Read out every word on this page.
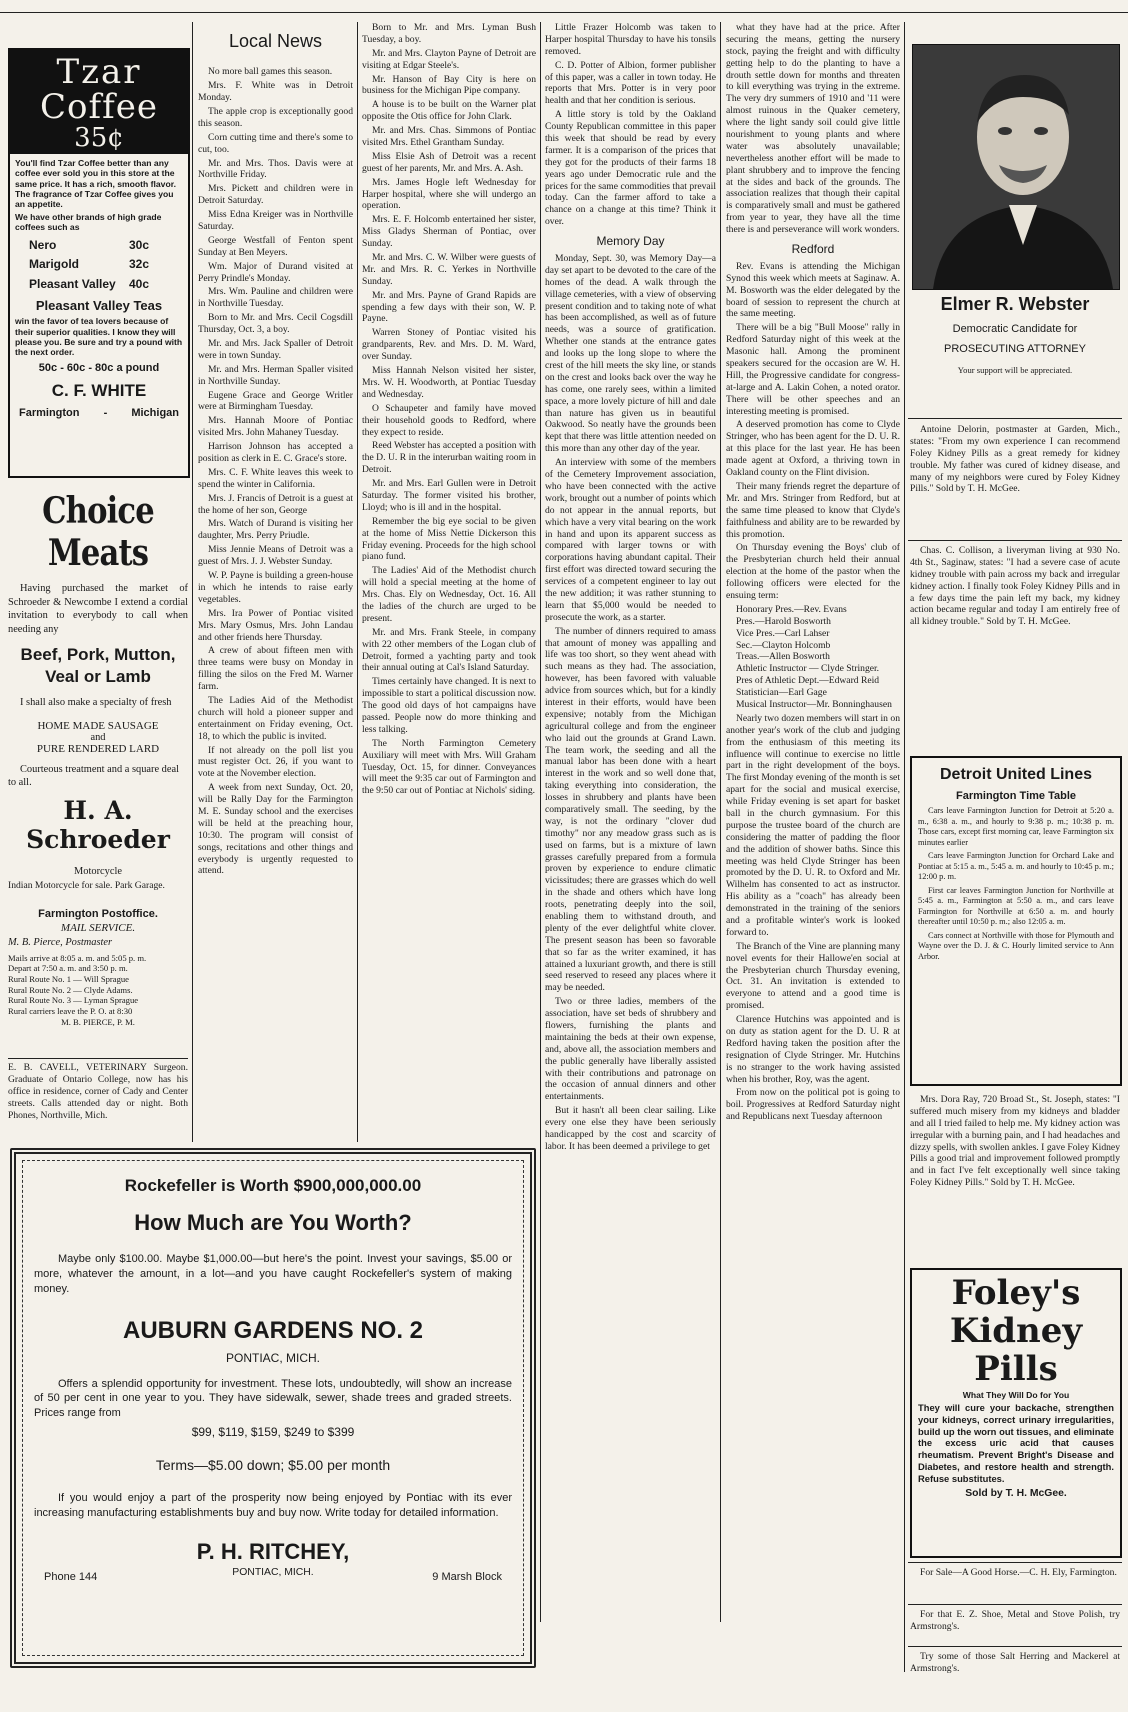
Tzar
Coffee
35¢
You'll find Tzar Coffee better than any coffee ever sold you in this store at the same price. It has a rich, smooth flavor. The fragrance of Tzar Coffee gives you an appetite.
We have other brands of high grade coffees such as
Nero	30c
Marigold	32c
Pleasant Valley	40c
Pleasant Valley Teas
win the favor of tea lovers because of their superior qualities. I know they will please you. Be sure and try a pound with the next order.
50c - 60c - 80c a pound
C. F. WHITE
Farmington - Michigan
Choice Meats
Having purchased the market of Schroeder & Newcombe I extend a cordial invitation to everybody to call when needing any
Beef, Pork, Mutton, Veal or Lamb
I shall also make a specialty of fresh
HOME MADE SAUSAGE
and
PURE RENDERED LARD
Courteous treatment and a square deal to all.
H. A. Schroeder
Motorcycle
Indian Motorcycle for sale. Park Garage.
Farmington Postoffice.
MAIL SERVICE.
M. B. Pierce, Postmaster
Mails arrive at 8:05 a. m. and 5:05 p. m.
Depart at 7:50 a. m. and 3:50 p. m.
Rural Route No. 1 — Will Sprague
Rural Route No. 2 — Clyde Adams.
Rural Route No. 3 — Lyman Sprague
Rural carriers leave the P. O. at 8:30
M. B. PIERCE, P. M.
E. B. CAVELL, VETERINARY Surgeon. Graduate of Ontario College, now has his office in residence, corner of Cady and Center streets. Calls attended day or night. Both Phones, Northville, Mich.
Local News

No more ball games this season.

Mrs. F. White was in Detroit Monday.

The apple crop is exceptionally good this season.

Corn cutting time and there's some to cut, too.

Mr. and Mrs. Thos. Davis were at Northville Friday.

Mrs. Pickett and children were in Detroit Saturday.

Miss Edna Kreiger was in Northville Saturday.

George Westfall of Fenton spent Sunday at Ben Meyers.

Wm. Major of Durand visited at Perry Prindle's Monday.

Mrs. Wm. Pauline and children were in Northville Tuesday.

Born to Mr. and Mrs. Cecil Cogsdill Thursday, Oct. 3, a boy.

Mr. and Mrs. Jack Spaller of Detroit were in town Sunday.

Mr. and Mrs. Herman Spaller visited in Northville Sunday.

Eugene Grace and George Writler were at Birmingham Tuesday.

Mrs. Hannah Moore of Pontiac visited Mrs. John Mahaney Tuesday.

Harrison Johnson has accepted a position as clerk in E. C. Grace's store.

Mrs. C. F. White leaves this week to spend the winter in California.

Mrs. J. Francis of Detroit is a guest at the home of her son, George

Mrs. Watch of Durand is visiting her daughter, Mrs. Perry Priudle.

Miss Jennie Means of Detroit was a guest of Mrs. J. J. Webster Sunday.

W. P. Payne is building a green-house in which he intends to raise early vegetables.

Mrs. Ira Power of Pontiac visited Mrs. Mary Osmus, Mrs. John Landau and other friends here Thursday.

A crew of about fifteen men with three teams were busy on Monday in filling the silos on the Fred M. Warner farm.

The Ladies Aid of the Methodist church will hold a pioneer supper and entertainment on Friday evening, Oct. 18, to which the public is invited.

If not already on the poll list you must register Oct. 26, if you want to vote at the November election.

A week from next Sunday, Oct. 20, will be Rally Day for the Farmington M. E. Sunday school and the exercises will be held at the preaching hour, 10:30. The program will consist of songs, recitations and other things and everybody is urgently requested to attend.

Born to Mr. and Mrs. Lyman Bush Tuesday, a boy.

Mr. and Mrs. Clayton Payne of Detroit are visiting at Edgar Steele's.

Mr. Hanson of Bay City is here on business for the Michigan Pipe company.

A house is to be built on the Warner plat opposite the Otis office for John Clark.

Mr. and Mrs. Chas. Simmons of Pontiac visited Mrs. Ethel Grantham Sunday.

Miss Elsie Ash of Detroit was a recent guest of her parents, Mr. and Mrs. A. Ash.

Mrs. James Hogle left Wednesday for Harper hospital, where she will undergo an operation.

Mrs. E. F. Holcomb entertained her sister, Miss Gladys Sherman of Pontiac, over Sunday.

Mr. and Mrs. C. W. Wilber were guests of Mr. and Mrs. R. C. Yerkes in Northville Sunday.

Mr. and Mrs. Payne of Grand Rapids are spending a few days with their son, W. P. Payne.

Warren Stoney of Pontiac visited his grandparents, Rev. and Mrs. D. M. Ward, over Sunday.

Miss Hannah Nelson visited her sister, Mrs. W. H. Woodworth, at Pontiac Tuesday and Wednesday.

O Schaupeter and family have moved their household goods to Redford, where they expect to reside.

Reed Webster has accepted a position with the D. U. R in the interurban waiting room in Detroit.

Mr. and Mrs. Earl Gullen were in Detroit Saturday. The former visited his brother, Lloyd; who is ill and in the hospital.

Remember the big eye social to be given at the home of Miss Nettie Dickerson this Friday evening. Proceeds for the high school piano fund.

The Ladies' Aid of the Methodist church will hold a special meeting at the home of Mrs. Chas. Ely on Wednesday, Oct. 16. All the ladies of the church are urged to be present.

Mr. and Mrs. Frank Steele, in company with 22 other members of the Logan club of Detroit, formed a yachting party and took their annual outing at Cal's Island Saturday.

Times certainly have changed. It is next to impossible to start a political discussion now. The good old days of hot campaigns have passed. People now do more thinking and less talking.

The North Farmington Cemetery Auxiliary will meet with Mrs. Will Graham Tuesday, Oct. 15, for dinner. Conveyances will meet the 9:35 car out of Farmington and the 9:50 car out of Pontiac at Nichols' siding.

Little Frazer Holcomb was taken to Harper hospital Thursday to have his tonsils removed.

C. D. Potter of Albion, former publisher of this paper, was a caller in town today. He reports that Mrs. Potter is in very poor health and that her condition is serious.

A little story is told by the Oakland County Republican committee in this paper this week that should be read by every farmer. It is a comparison of the prices that they got for the products of their farms 18 years ago under Democratic rule and the prices for the same commodities that prevail today. Can the farmer afford to take a chance on a change at this time? Think it over.

Memory Day

Monday, Sept. 30, was Memory Day—a day set apart to be devoted to the care of the homes of the dead. A walk through the village cemeteries, with a view of observing present condition and to taking note of what has been accomplished, as well as of future needs, was a source of gratification. Whether one stands at the entrance gates and looks up the long slope to where the crest of the hill meets the sky line, or stands on the crest and looks back over the way he has come, one rarely sees, within a limited space, a more lovely picture of hill and dale than nature has given us in beautiful Oakwood. So neatly have the grounds been kept that there was little attention needed on this more than any other day of the year.

An interview with some of the members of the Cemetery Improvement association, who have been connected with the active work, brought out a number of points which do not appear in the annual reports, but which have a very vital bearing on the work in hand and upon its apparent success as compared with larger towns or with corporations having abundant capital. Their first effort was directed toward securing the services of a competent engineer to lay out the new addition; it was rather stunning to learn that $5,000 would be needed to prosecute the work, as a starter.

The number of dinners required to amass that amount of money was appalling and life was too short, so they went ahead with such means as they had. The association, however, has been favored with valuable advice from sources which, but for a kindly interest in their efforts, would have been expensive; notably from the Michigan agricultural college and from the engineer who laid out the grounds at Grand Lawn. The team work, the seeding and all the manual labor has been done with a heart interest in the work and so well done that, taking everything into consideration, the losses in shrubbery and plants have been comparatively small. The seeding, by the way, is not the ordinary "clover dud timothy" nor any meadow grass such as is used on farms, but is a mixture of lawn grasses carefully prepared from a formula proven by experience to endure climatic vicissitudes; there are grasses which do well in the shade and others which have long roots, penetrating deeply into the soil, enabling them to withstand drouth, and plenty of the ever delightful white clover. The present season has been so favorable that so far as the writer examined, it has attained a luxuriant growth, and there is still seed reserved to reseed any places where it may be needed.

Two or three ladies, members of the association, have set beds of shrubbery and flowers, furnishing the plants and maintaining the beds at their own expense, and, above all, the association members and the public generally have liberally assisted with their contributions and patronage on the occasion of annual dinners and other entertainments.

But it hasn't all been clear sailing. Like every one else they have been seriously handicapped by the cost and scarcity of labor. It has been deemed a privilege to get

what they have had at the price. After securing the means, getting the nursery stock, paying the freight and with difficulty getting help to do the planting to have a drouth settle down for months and threaten to kill everything was trying in the extreme. The very dry summers of 1910 and '11 were almost ruinous in the Quaker cemetery, where the light sandy soil could give little nourishment to young plants and where water was absolutely unavailable; nevertheless another effort will be made to plant shrubbery and to improve the fencing at the sides and back of the grounds. The association realizes that though their capital is comparatively small and must be gathered from year to year, they have all the time there is and perseverance will work wonders.

Redford

Rev. Evans is attending the Michigan Synod this week which meets at Saginaw. A. M. Bosworth was the elder delegated by the board of session to represent the church at the same meeting.

There will be a big "Bull Moose" rally in Redford Saturday night of this week at the Masonic hall. Among the prominent speakers secured for the occasion are W. H. Hill, the Progressive candidate for congress-at-large and A. Lakin Cohen, a noted orator. There will be other speeches and an interesting meeting is promised.

A deserved promotion has come to Clyde Stringer, who has been agent for the D. U. R. at this place for the last year. He has been made agent at Oxford, a thriving town in Oakland county on the Flint division.

Their many friends regret the departure of Mr. and Mrs. Stringer from Redford, but at the same time pleased to know that Clyde's faithfulness and ability are to be rewarded by this promotion.

On Thursday evening the Boys' club of the Presbyterian church held their annual election at the home of the pastor when the following officers were elected for the ensuing term:

Honorary Pres.—Rev. Evans

Pres.—Harold Bosworth

Vice Pres.—Carl Lahser

Sec.—Clayton Holcomb

Treas.—Allen Bosworth

Athletic Instructor — Clyde Stringer.

Pres of Athletic Dept.—Edward Reid

Statistician—Earl Gage

Musical Instructor—Mr. Bonninghausen

Nearly two dozen members will start in on another year's work of the club and judging from the enthusiasm of this meeting its influence will continue to exercise no little part in the right development of the boys. The first Monday evening of the month is set apart for the social and musical exercise, while Friday evening is set apart for basket ball in the church gymnasium. For this purpose the trustee board of the church are considering the matter of padding the floor and the addition of shower baths. Since this meeting was held Clyde Stringer has been promoted by the D. U. R. to Oxford and Mr. Wilhelm has consented to act as instructor. His ability as a "coach" has already been demonstrated in the training of the seniors and a profitable winter's work is looked forward to.

The Branch of the Vine are planning many novel events for their Hallowe'en social at the Presbyterian church Thursday evening, Oct. 31. An invitation is extended to everyone to attend and a good time is promised.

Clarence Hutchins was appointed and is on duty as station agent for the D. U. R at Redford having taken the position after the resignation of Clyde Stringer. Mr. Hutchins is no stranger to the work having assisted when his brother, Roy, was the agent.

From now on the political pot is going to boil. Progressives at Redford Saturday night and Republicans next Tuesday afternoon

Elmer R. Webster
Democratic Candidate for
PROSECUTING ATTORNEY
Your support will be appreciated.

Antoine Delorin, postmaster at Garden, Mich., states: "From my own experience I can recommend Foley Kidney Pills as a great remedy for kidney trouble. My father was cured of kidney disease, and many of my neighbors were cured by Foley Kidney Pills." Sold by T. H. McGee.

Chas. C. Collison, a liveryman living at 930 No. 4th St., Saginaw, states: "I had a severe case of acute kidney trouble with pain across my back and irregular kidney action. I finally took Foley Kidney Pills and in a few days time the pain left my back, my kidney action became regular and today I am entirely free of all kidney trouble." Sold by T. H. McGee.

Detroit United Lines
Farmington Time Table

Cars leave Farmington Junction for Detroit at 5:20 a. m., 6:38 a. m., and hourly to 9:38 p. m.; 10:38 p. m. Those cars, except first morning car, leave Farmington six minutes earlier

Cars leave Farmington Junction for Orchard Lake and Pontiac at 5:15 a. m., 5:45 a. m. and hourly to 10:45 p. m.; 12:00 p. m.

First car leaves Farmington Junction for Northville at 5:45 a. m., Farmington at 5:50 a. m., and cars leave Farmington for Northville at 6:50 a. m. and hourly thereafter until 10:50 p. m.; also 12:05 a. m.

Cars connect at Northville with those for Plymouth and Wayne over the D. J. & C. Hourly limited service to Ann Arbor.

Mrs. Dora Ray, 720 Broad St., St. Joseph, states: "I suffered much misery from my kidneys and bladder and all I tried failed to help me. My kidney action was irregular with a burning pain, and I had headaches and dizzy spells, with swollen ankles. I gave Foley Kidney Pills a good trial and improvement followed promptly and in fact I've felt exceptionally well since taking Foley Kidney Pills." Sold by T. H. McGee.

Foley's
Kidney
Pills
What They Will Do for You
They will cure your backache, strengthen your kidneys, correct urinary irregularities, build up the worn out tissues, and eliminate the excess uric acid that causes rheumatism. Prevent Bright's Disease and Diabetes, and restore health and strength. Refuse substitutes.
Sold by T. H. McGee.

For Sale—A Good Horse.—C. H. Ely, Farmington.

For that E. Z. Shoe, Metal and Stove Polish, try Armstrong's.

Try some of those Salt Herring and Mackerel at Armstrong's.

Rockefeller is Worth $900,000,000.00
How Much are You Worth?
Maybe only $100.00. Maybe $1,000.00—but here's the point. Invest your savings, $5.00 or more, whatever the amount, in a lot—and you have caught Rockefeller's system of making money.
AUBURN GARDENS NO. 2
PONTIAC, MICH.
Offers a splendid opportunity for investment. These lots, undoubtedly, will show an increase of 50 per cent in one year to you. They have sidewalk, sewer, shade trees and graded streets. Prices range from
$99, $119, $159, $249 to $399
Terms—$5.00 down; $5.00 per month
If you would enjoy a part of the prosperity now being enjoyed by Pontiac with its ever increasing manufacturing establishments buy and buy now. Write today for detailed information.
P. H. RITCHEY,
Phone 144	PONTIAC, MICH.	9 Marsh Block
